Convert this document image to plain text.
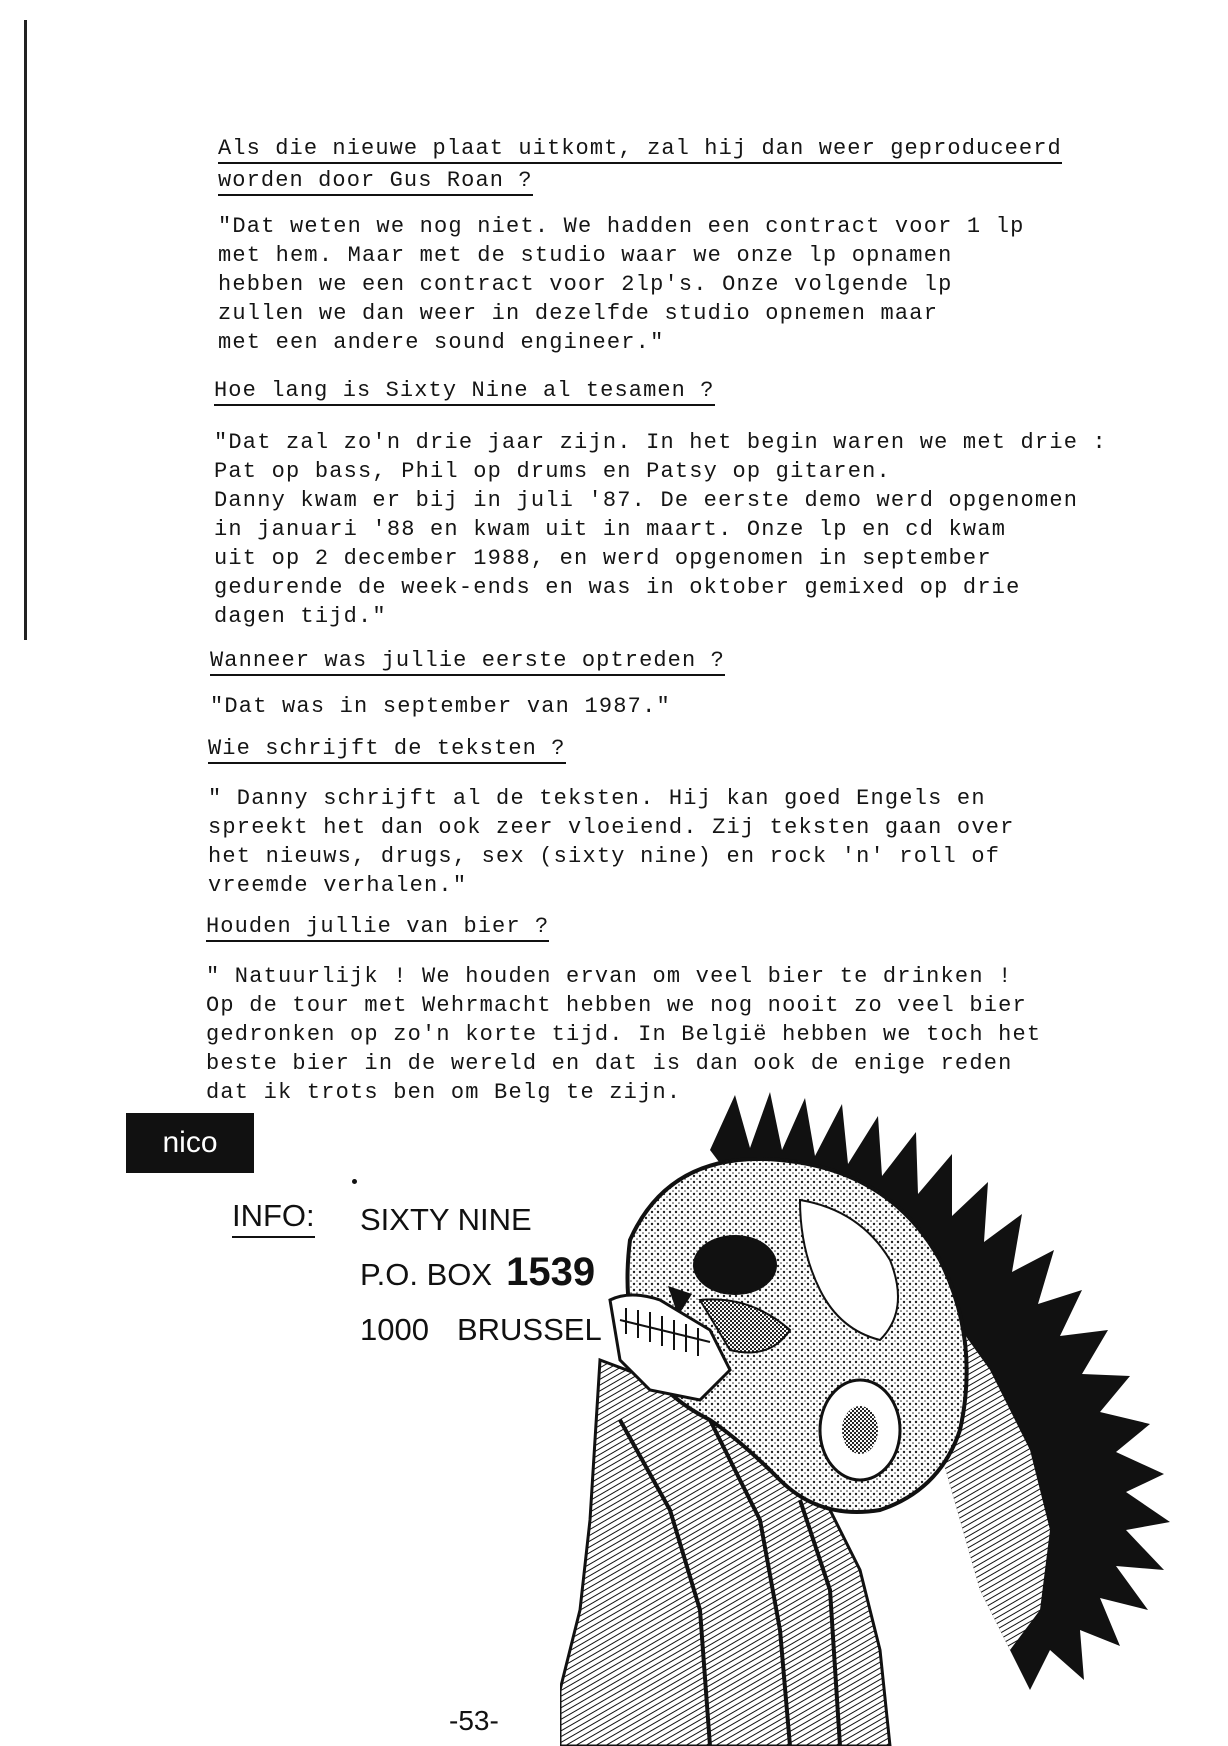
Als die nieuwe plaat uitkomt, zal hij dan weer geproduceerd
worden door Gus Roan ?
"Dat weten we nog niet. We hadden een contract voor 1 lp
met hem. Maar met de studio waar we onze lp opnamen
hebben we een contract voor 2lp's. Onze volgende lp
zullen we dan weer in dezelfde studio opnemen maar
met een andere sound engineer."
Hoe lang is Sixty Nine al tesamen ?
"Dat zal zo'n drie jaar zijn. In het begin waren we met drie :
Pat op bass, Phil op drums en Patsy op gitaren.
Danny kwam er bij in juli '87. De eerste demo werd opgenomen
in januari '88 en kwam uit in maart. Onze lp en cd kwam
uit op 2 december 1988, en werd opgenomen in september
gedurende de week-ends en was in oktober gemixed op drie
dagen tijd."
Wanneer was jullie eerste optreden ?
"Dat was in september van 1987."
Wie schrijft de teksten ?
" Danny schrijft al de teksten. Hij kan goed Engels en
spreekt het dan ook zeer vloeiend. Zij teksten gaan over
het nieuws, drugs, sex (sixty nine) en rock 'n' roll of
vreemde verhalen."
Houden jullie van bier ?
" Natuurlijk ! We houden ervan om veel bier te drinken !
Op de tour met Wehrmacht hebben we nog nooit zo veel bier
gedronken op zo'n korte tijd. In België hebben we toch het
beste bier in de wereld en dat is dan ook de enige reden
dat ik trots ben om Belg te zijn.
nico
INFO: SIXTY NINE
P.O. BOX 1539
1000 BRUSSEL
-53-
